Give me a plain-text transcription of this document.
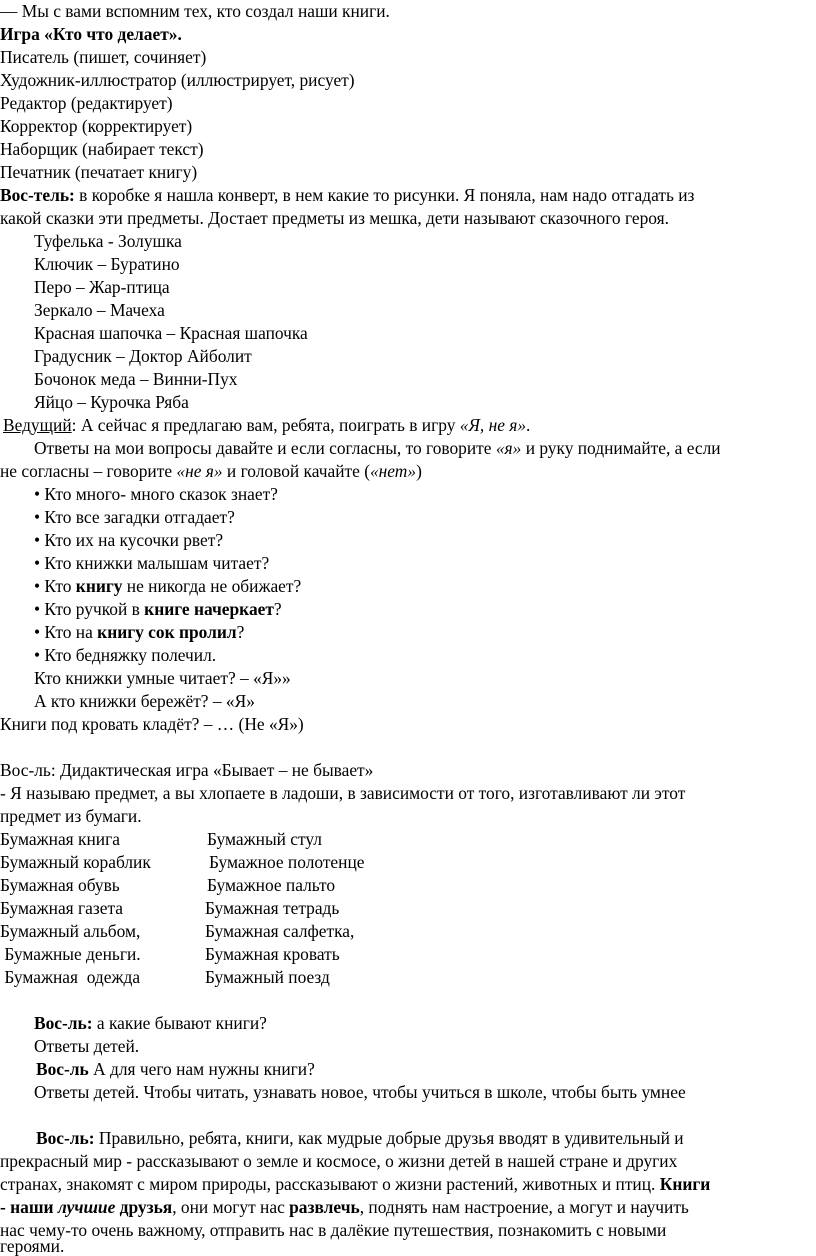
— Мы с вами вспомним тех, кто создал наши книги.
Игра «Кто что делает».
Писатель (пишет, сочиняет)
Художник-иллюстратор (иллюстрирует, рисует)
Редактор (редактирует)
Корректор (корректирует)
Наборщик (набирает текст)
Печатник (печатает книгу)
Вос-тель: в коробке я нашла конверт, в нем какие то рисунки. Я поняла, нам надо отгадать из
какой сказки эти предметы. Достает предметы из мешка, дети называют сказочного героя.
Туфелька - Золушка
Ключик – Буратино
Перо – Жар-птица
Зеркало – Мачеха
Красная шапочка – Красная шапочка
Градусник – Доктор Айболит
Бочонок меда – Винни-Пух
Яйцо – Курочка Ряба
Ведущий: А сейчас я предлагаю вам, ребята, поиграть в игру «Я, не я».
Ответы на мои вопросы давайте и если согласны, то говорите «я» и руку поднимайте, а если
не согласны – говорите «не я» и головой качайте («нет»)
• Кто много- много сказок знает?
• Кто все загадки отгадает?
• Кто их на кусочки рвет?
• Кто книжки малышам читает?
• Кто книгу не никогда не обижает?
• Кто ручкой в книге начеркает?
• Кто на книгу сок пролил?
• Кто бедняжку полечил.
Кто книжки умные читает? – «Я»»
А кто книжки бережёт? – «Я»
Книги под кровать кладёт? – … (Не «Я»)
Вос-ль: Дидактическая игра «Бывает – не бывает»
- Я называю предмет, а вы хлопаете в ладоши, в зависимости от того, изготавливают ли этот
предмет из бумаги.
Бумажная книга	Бумажный стул
Бумажный кораблик	Бумажное полотенце
Бумажная обувь	Бумажное пальто
Бумажная газета	Бумажная тетрадь
Бумажный альбом,	Бумажная салфетка,
Бумажные деньги.	Бумажная кровать
Бумажная  одежда	Бумажный поезд
Вос-ль: а какие бывают книги?
Ответы детей.
Вос-ль А для чего нам нужны книги?
Ответы детей. Чтобы читать, узнавать новое, чтобы учиться в школе, чтобы быть умнее
Вос-ль: Правильно, ребята, книги, как мудрые добрые друзья вводят в удивительный и
прекрасный мир - рассказывают о земле и космосе, о жизни детей в нашей стране и других
странах, знакомят с миром природы, рассказывают о жизни растений, животных и птиц. Книги
- наши лучшие друзья, они могут нас развлечь, поднять нам настроение, а могут и научить
нас чему-то очень важному, отправить нас в далёкие путешествия, познакомить с новыми
героями.
